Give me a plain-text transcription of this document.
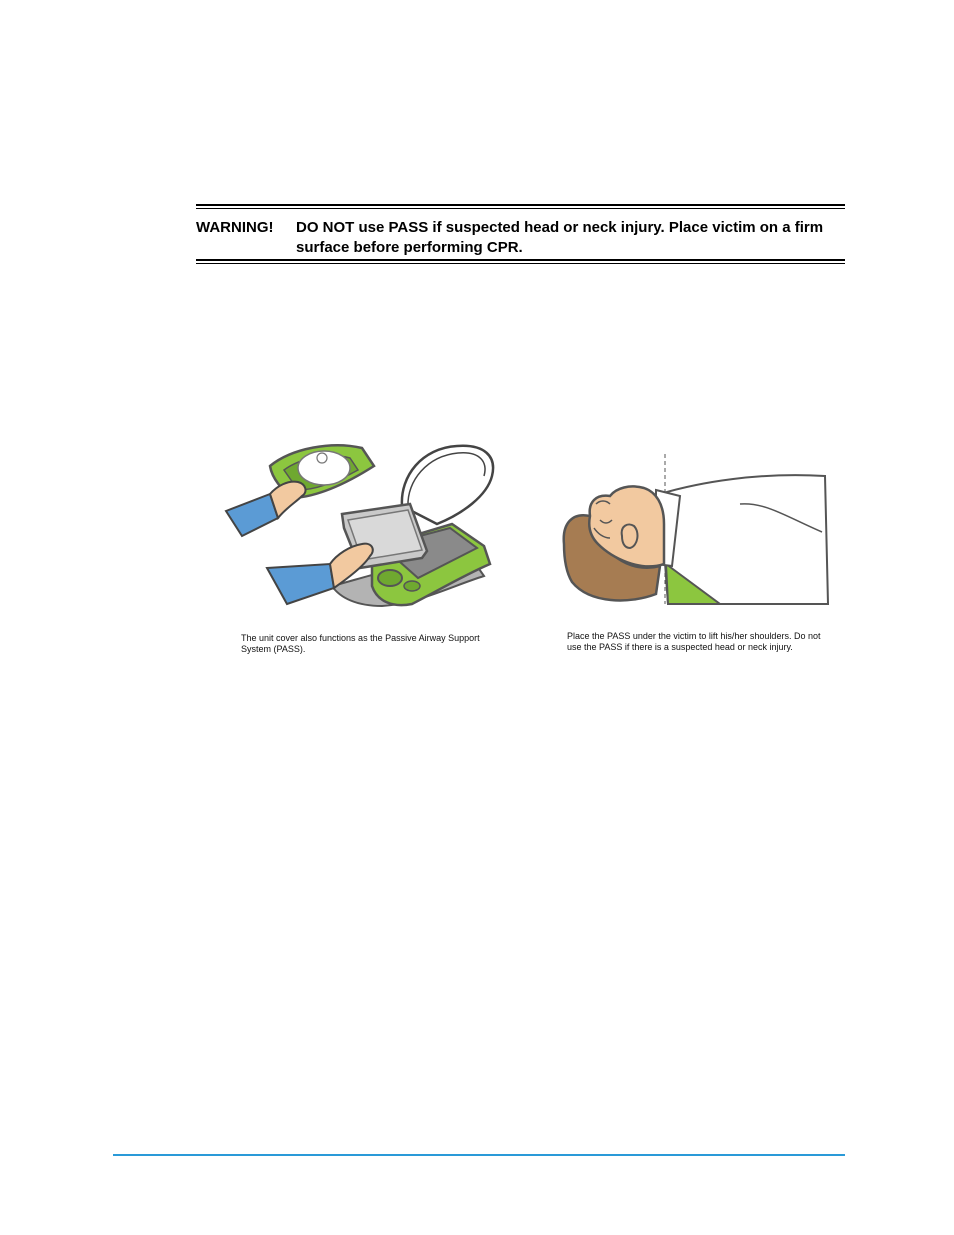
WARNING! DO NOT use PASS if suspected head or neck injury. Place victim on a firm surface before performing CPR.
The unit cover also functions as the Passive Airway Support System (PASS).
Place the PASS under the victim to lift his/her shoulders. Do not use the PASS if there is a suspected head or neck injury.
